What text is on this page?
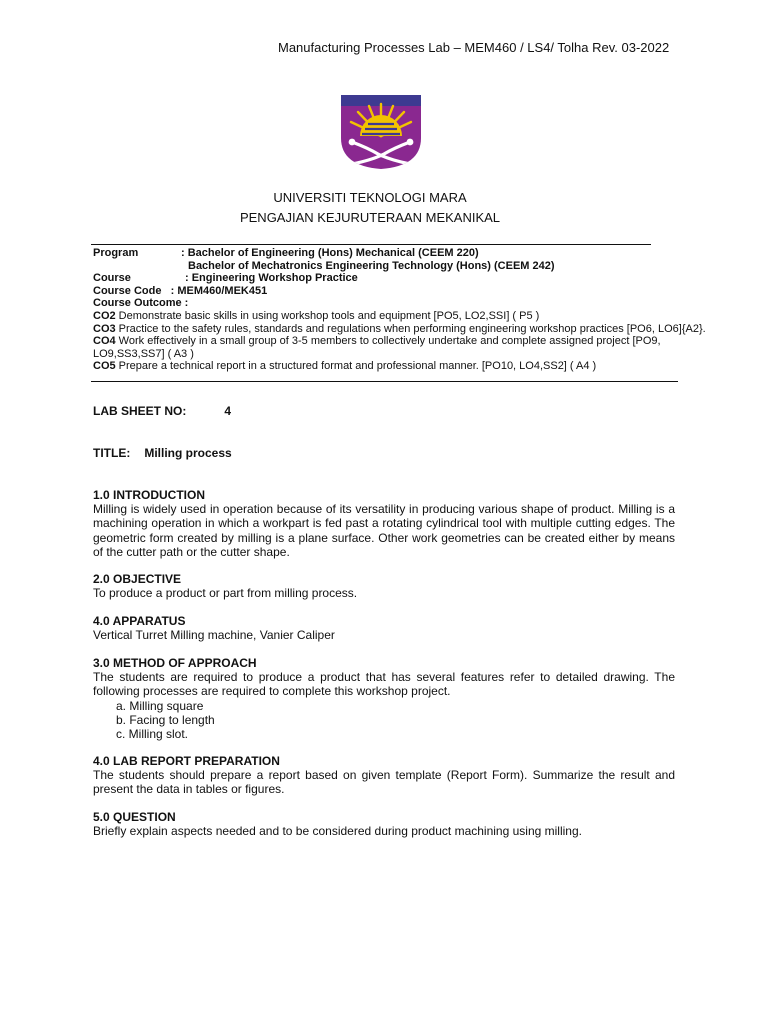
Manufacturing Processes Lab – MEM460 / LS4/ Tolha Rev. 03-2022
UNIVERSITI TEKNOLOGI MARA
PENGAJIAN KEJURUTERAAN MEKANIKAL
Program	: Bachelor of Engineering (Hons) Mechanical (CEEM 220)
Bachelor of Mechatronics Engineering Technology (Hons) (CEEM 242)
Course	: Engineering Workshop Practice
Course Code : MEM460/MEK451
Course Outcome :
CO2 Demonstrate basic skills in using workshop tools and equipment [PO5, LO2,SSI] ( P5 )
CO3 Practice to the safety rules, standards and regulations when performing engineering workshop practices [PO6, LO6]{A2}.
CO4 Work effectively in a small group of 3-5 members to collectively undertake and complete assigned project [PO9, LO9,SS3,SS7] ( A3 )
CO5 Prepare a technical report in a structured format and professional manner. [PO10, LO4,SS2] ( A4 )
LAB SHEET NO:	4
TITLE: Milling process
1.0 INTRODUCTION

Milling is widely used in operation because of its versatility in producing various shape of product. Milling is a machining operation in which a workpart is fed past a rotating cylindrical tool with multiple cutting edges. The geometric form created by milling is a plane surface. Other work geometries can be created either by means of the cutter path or the cutter shape.

2.0 OBJECTIVE

To produce a product or part from milling process.

4.0 APPARATUS

Vertical Turret Milling machine, Vanier Caliper

3.0 METHOD OF APPROACH

The students are required to produce a product that has several features refer to detailed drawing. The following processes are required to complete this workshop project.

a. Milling square
b. Facing to length
c. Milling slot.
4.0 LAB REPORT PREPARATION

The students should prepare a report based on given template (Report Form). Summarize the result and present the data in tables or figures.

5.0 QUESTION

Briefly explain aspects needed and to be considered during product machining using milling.
